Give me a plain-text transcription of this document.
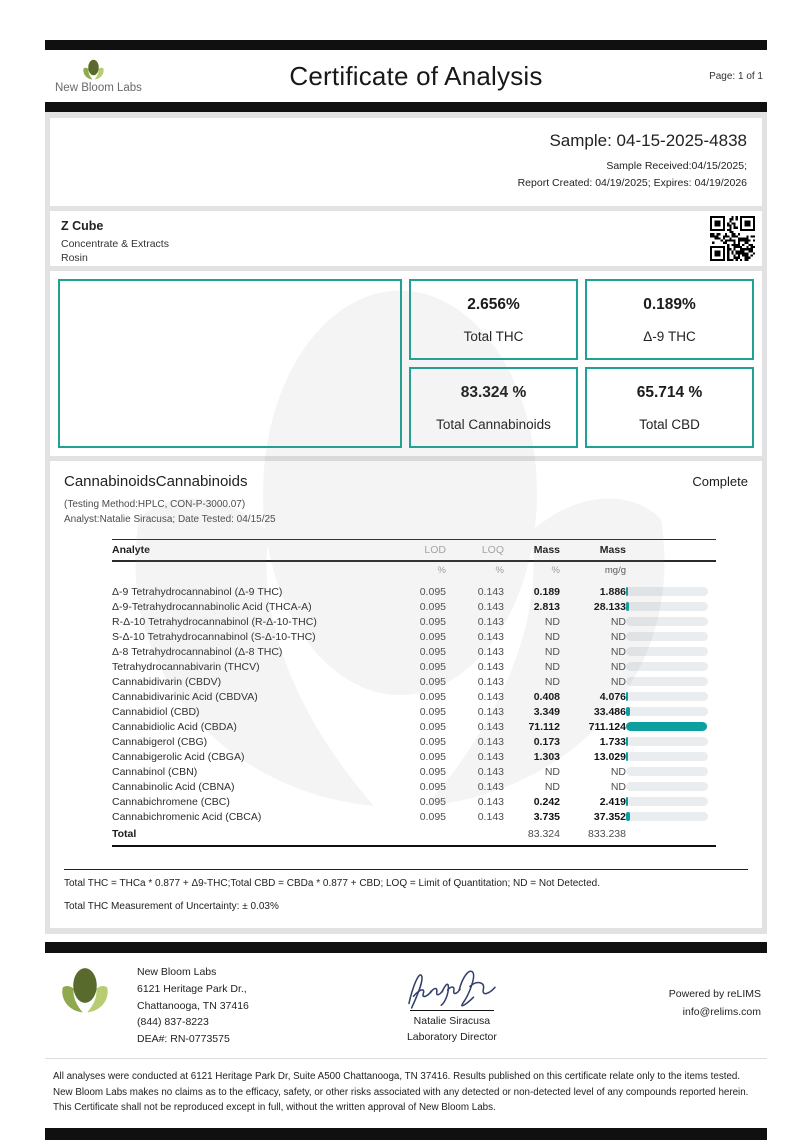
New Bloom Labs	Certificate of Analysis	Page: 1 of 1
Sample: 04-15-2025-4838
Sample Received:04/15/2025;
Report Created: 04/19/2025; Expires: 04/19/2026
Z Cube
Concentrate & Extracts
Rosin
2.656%
Total THC
0.189%
Δ-9 THC
83.324 %
Total Cannabinoids
65.714 %
Total CBD
CannabinoidsCannabinoids	Complete
(Testing Method:HPLC, CON-P-3000.07)
Analyst:Natalie Siracusa; Date Tested: 04/15/25
Analyte	LOD	LOQ	Mass	Mass	
	%	%	%	mg/g	
Δ-9 Tetrahydrocannabinol (Δ-9 THC)	0.095	0.143	0.189	1.886	

Δ-9-Tetrahydrocannabinolic Acid (THCA-A)	0.095	0.143	2.813	28.133	

R-Δ-10 Tetrahydrocannabinol (R-Δ-10-THC)	0.095	0.143	ND	ND	

S-Δ-10 Tetrahydrocannabinol (S-Δ-10-THC)	0.095	0.143	ND	ND	

Δ-8 Tetrahydrocannabinol (Δ-8 THC)	0.095	0.143	ND	ND	

Tetrahydrocannabivarin (THCV)	0.095	0.143	ND	ND	

Cannabidivarin (CBDV)	0.095	0.143	ND	ND	

Cannabidivarinic Acid (CBDVA)	0.095	0.143	0.408	4.076	

Cannabidiol (CBD)	0.095	0.143	3.349	33.486	

Cannabidiolic Acid (CBDA)	0.095	0.143	71.112	711.124	

Cannabigerol (CBG)	0.095	0.143	0.173	1.733	

Cannabigerolic Acid (CBGA)	0.095	0.143	1.303	13.029	

Cannabinol (CBN)	0.095	0.143	ND	ND	

Cannabinolic Acid (CBNA)	0.095	0.143	ND	ND	

Cannabichromene (CBC)	0.095	0.143	0.242	2.419	

Cannabichromenic Acid (CBCA)	0.095	0.143	3.735	37.352	

Total			83.324	833.238	
Total THC = THCa * 0.877 + Δ9-THC;Total CBD = CBDa * 0.877 + CBD; LOQ = Limit of Quantitation; ND = Not Detected.
Total THC Measurement of Uncertainty: ± 0.03%
New Bloom Labs
6121 Heritage Park Dr.,
Chattanooga, TN 37416
(844) 837-8223
DEA#: RN-0773575
Natalie Siracusa
Laboratory Director
Powered by reLIMS
info@relims.com
All analyses were conducted at 6121 Heritage Park Dr, Suite A500 Chattanooga, TN 37416. Results published on this certificate relate only to the items tested. New Bloom Labs makes no claims as to the efficacy, safety, or other risks associated with any detected or non-detected level of any compounds reported herein. This Certificate shall not be reproduced except in full, without the written approval of New Bloom Labs.
